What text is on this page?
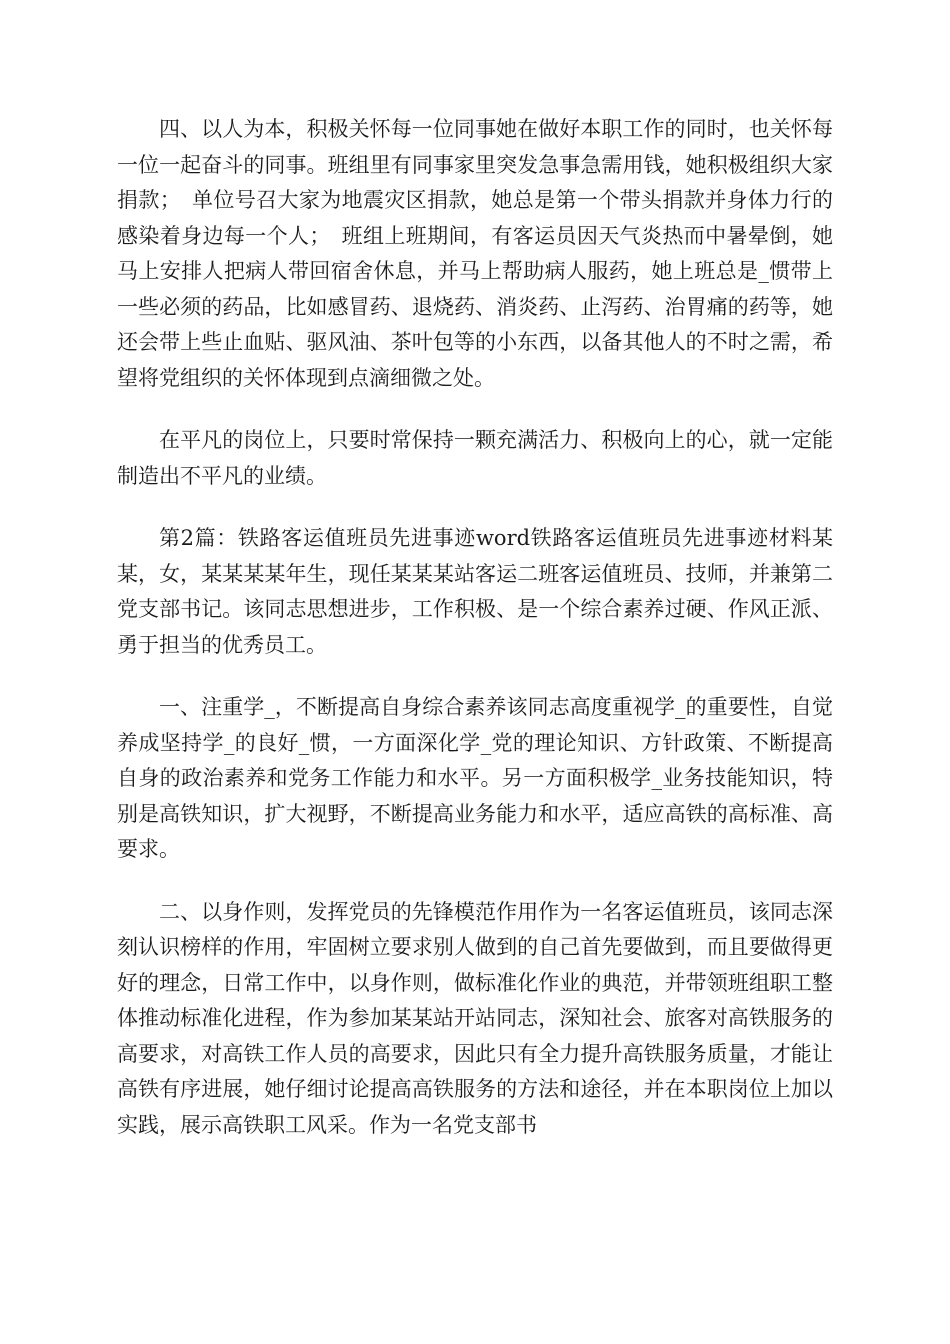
四、以人为本，积极关怀每一位同事她在做好本职工作的同时，也关怀每一位一起奋斗的同事。班组里有同事家里突发急事急需用钱，她积极组织大家捐款；　单位号召大家为地震灾区捐款，她总是第一个带头捐款并身体力行的感染着身边每一个人；　班组上班期间，有客运员因天气炎热而中暑晕倒，她马上安排人把病人带回宿舍休息，并马上帮助病人服药，她上班总是_惯带上一些必须的药品，比如感冒药、退烧药、消炎药、止泻药、治胃痛的药等，她还会带上些止血贴、驱风油、茶叶包等的小东西，以备其他人的不时之需，希望将党组织的关怀体现到点滴细微之处。

在平凡的岗位上，只要时常保持一颗充满活力、积极向上的心，就一定能制造出不平凡的业绩。

第2篇：铁路客运值班员先进事迹word铁路客运值班员先进事迹材料某某，女，某某某某年生，现任某某某站客运二班客运值班员、技师，并兼第二党支部书记。该同志思想进步，工作积极、是一个综合素养过硬、作风正派、勇于担当的优秀员工。

一、注重学_，不断提高自身综合素养该同志高度重视学_的重要性，自觉养成坚持学_的良好_惯，一方面深化学_党的理论知识、方针政策、不断提高自身的政治素养和党务工作能力和水平。另一方面积极学_业务技能知识，特别是高铁知识，扩大视野，不断提高业务能力和水平，适应高铁的高标准、高要求。

二、以身作则，发挥党员的先锋模范作用作为一名客运值班员，该同志深刻认识榜样的作用，牢固树立要求别人做到的自己首先要做到，而且要做得更好的理念，日常工作中，以身作则，做标准化作业的典范，并带领班组职工整体推动标准化进程，作为参加某某站开站同志，深知社会、旅客对高铁服务的高要求，对高铁工作人员的高要求，因此只有全力提升高铁服务质量，才能让高铁有序进展，她仔细讨论提高高铁服务的方法和途径，并在本职岗位上加以实践，展示高铁职工风采。作为一名党支部书
